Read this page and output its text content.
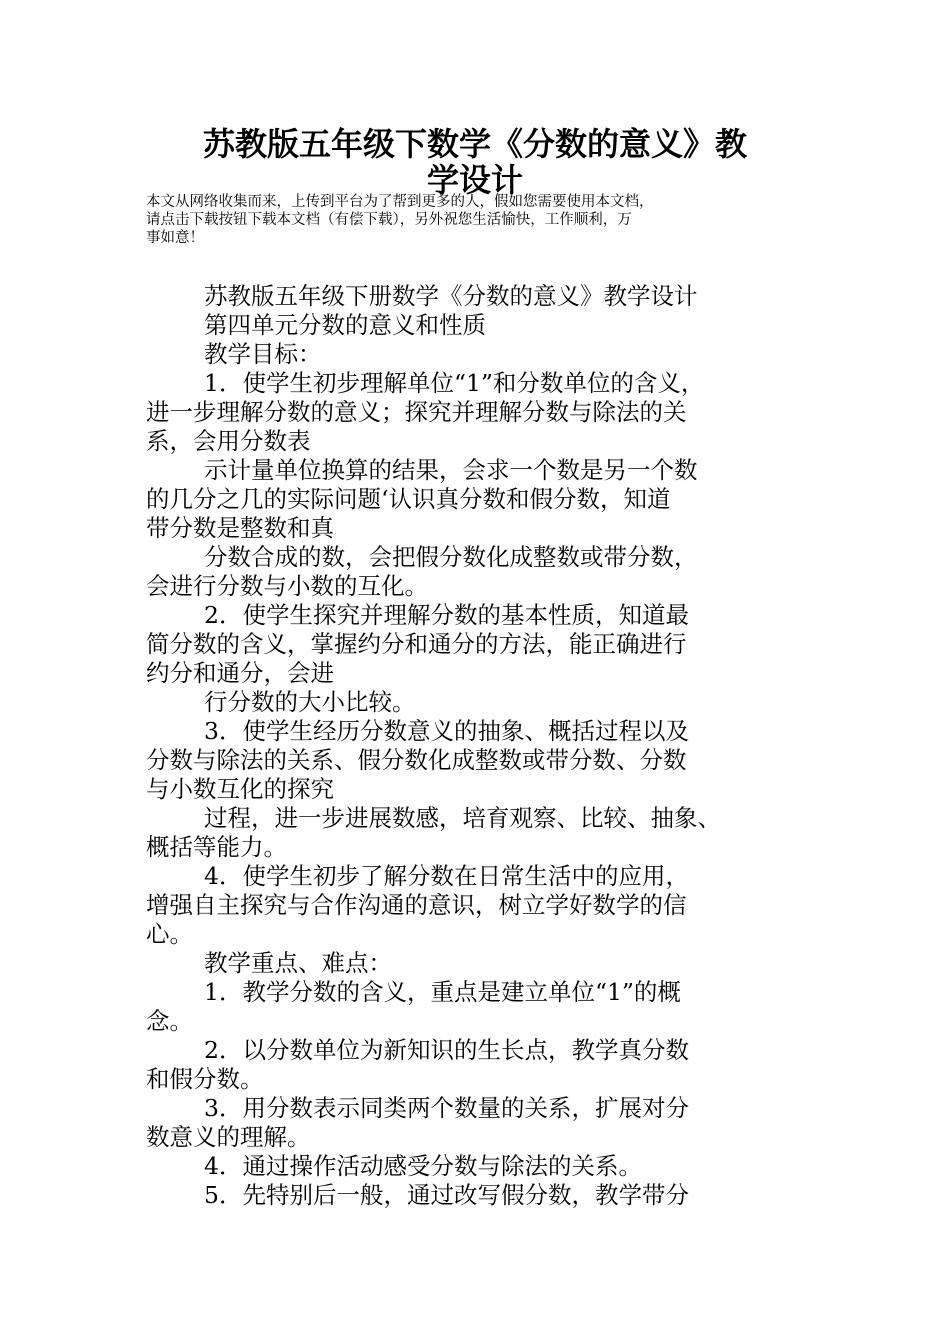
苏教版五年级下数学《分数的意义》教
学设计
本文从网络收集而来，上传到平台为了帮到更多的人，假如您需要使用本文档，
请点击下载按钮下载本文档（有偿下载），另外祝您生活愉快，工作顺利，万
事如意！
苏教版五年级下册数学《分数的意义》教学设计
第四单元分数的意义和性质
教学目标：
1．使学生初步理解单位“1”和分数单位的含义，
进一步理解分数的意义；探究并理解分数与除法的关
系，会用分数表
示计量单位换算的结果，会求一个数是另一个数
的几分之几的实际问题‘认识真分数和假分数，知道
带分数是整数和真
分数合成的数，会把假分数化成整数或带分数，
会进行分数与小数的互化。
2．使学生探究并理解分数的基本性质，知道最
简分数的含义，掌握约分和通分的方法，能正确进行
约分和通分，会进
行分数的大小比较。
3．使学生经历分数意义的抽象、概括过程以及
分数与除法的关系、假分数化成整数或带分数、分数
与小数互化的探究
过程，进一步进展数感，培育观察、比较、抽象、
概括等能力。
4．使学生初步了解分数在日常生活中的应用，
增强自主探究与合作沟通的意识，树立学好数学的信
心。
教学重点、难点：
1．教学分数的含义，重点是建立单位“1”的概
念。
2．以分数单位为新知识的生长点，教学真分数
和假分数。
3．用分数表示同类两个数量的关系，扩展对分
数意义的理解。
4．通过操作活动感受分数与除法的关系。
5．先特别后一般，通过改写假分数，教学带分
